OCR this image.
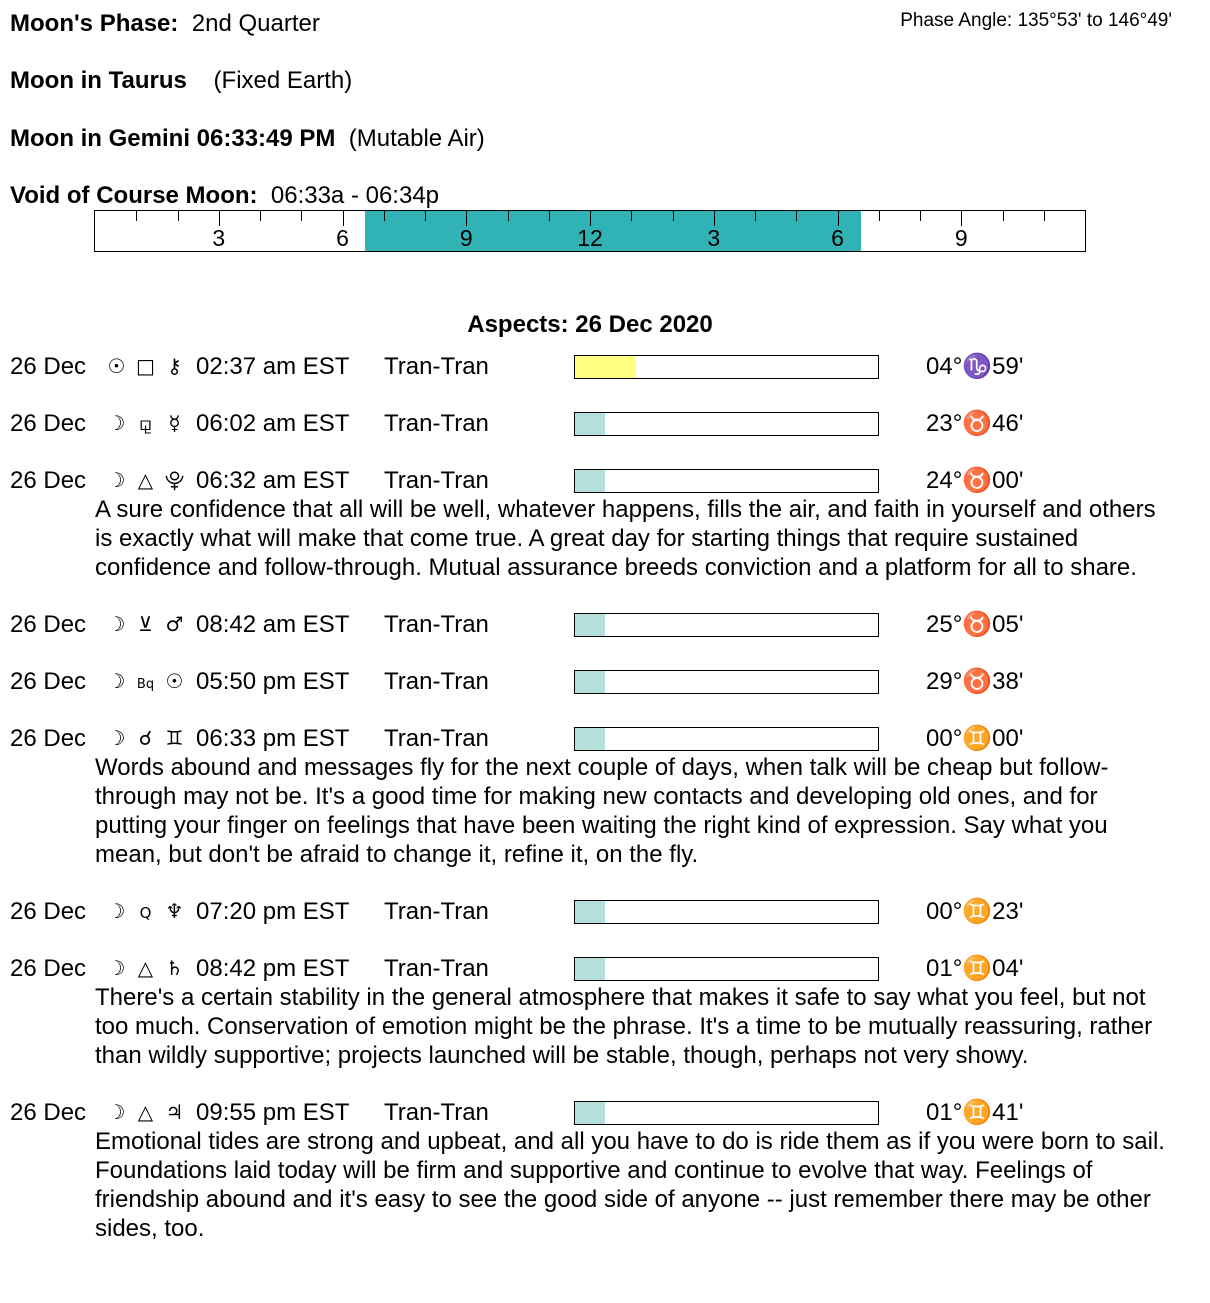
Moon's Phase: 2nd Quarter	Phase Angle: 135°53' to 146°49'
Moon in Taurus (Fixed Earth)
Moon in Gemini 06:33:49 PM (Mutable Air)
Void of Course Moon: 06:33a - 06:34p
3	6	9	12	3	6	9
Aspects: 26 Dec 2020
26 Dec ☉ □ ⚷ 02:37 am EST Tran-Tran	04°♑59'
26 Dec ☽ ⚼ ☿ 06:02 am EST Tran-Tran	23°♉46'
26 Dec ☽ △ ⯓ 06:32 am EST Tran-Tran	24°♉00'
A sure confidence that all will be well, whatever happens, fills the air, and faith in yourself and others is exactly what will make that come true. A great day for starting things that require sustained confidence and follow-through. Mutual assurance breeds conviction and a platform for all to share.
26 Dec ☽ ⊻ ♂ 08:42 am EST Tran-Tran	25°♉05'
26 Dec ☽ Bq ☉ 05:50 pm EST Tran-Tran	29°♉38'
26 Dec ☽ ☌ ♊ 06:33 pm EST Tran-Tran	00°♊00'
Words abound and messages fly for the next couple of days, when talk will be cheap but follow-through may not be. It's a good time for making new contacts and developing old ones, and for putting your finger on feelings that have been waiting the right kind of expression. Say what you mean, but don't be afraid to change it, refine it, on the fly.
26 Dec ☽ Q ♆ 07:20 pm EST Tran-Tran	00°♊23'
26 Dec ☽ △ ♄ 08:42 pm EST Tran-Tran	01°♊04'
There's a certain stability in the general atmosphere that makes it safe to say what you feel, but not too much. Conservation of emotion might be the phrase. It's a time to be mutually reassuring, rather than wildly supportive; projects launched will be stable, though, perhaps not very showy.
26 Dec ☽ △ ♃ 09:55 pm EST Tran-Tran	01°♊41'
Emotional tides are strong and upbeat, and all you have to do is ride them as if you were born to sail. Foundations laid today will be firm and supportive and continue to evolve that way. Feelings of friendship abound and it's easy to see the good side of anyone -- just remember there may be other sides, too.
